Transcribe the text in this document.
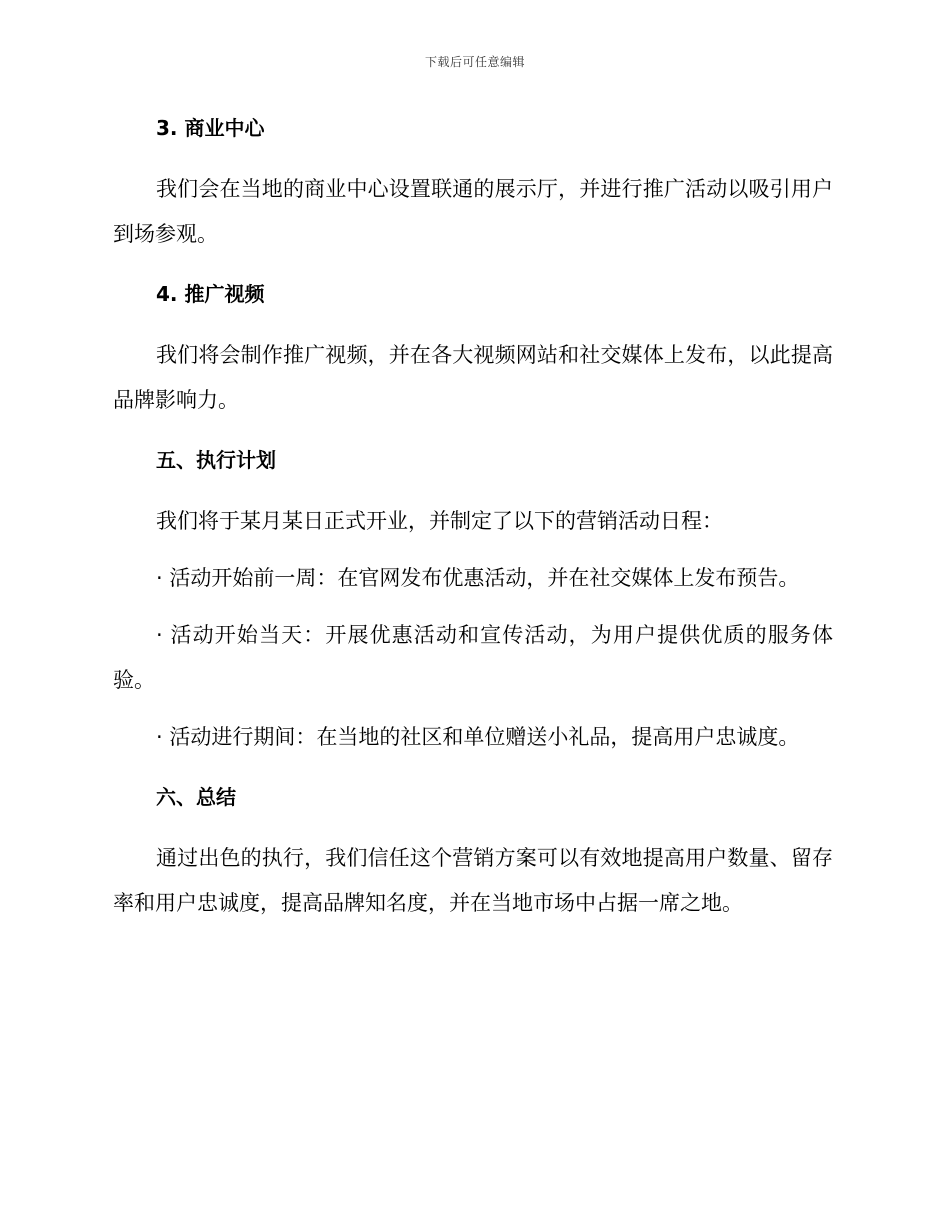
下载后可任意编辑
3. 商业中心

我们会在当地的商业中心设置联通的展示厅，并进行推广活动以吸引用户到场参观。

4. 推广视频

我们将会制作推广视频，并在各大视频网站和社交媒体上发布，以此提高品牌影响力。

五、执行计划

我们将于某月某日正式开业，并制定了以下的营销活动日程：

· 活动开始前一周：在官网发布优惠活动，并在社交媒体上发布预告。

· 活动开始当天：开展优惠活动和宣传活动，为用户提供优质的服务体验。

· 活动进行期间：在当地的社区和单位赠送小礼品，提高用户忠诚度。

六、总结

通过出色的执行，我们信任这个营销方案可以有效地提高用户数量、留存率和用户忠诚度，提高品牌知名度，并在当地市场中占据一席之地。
